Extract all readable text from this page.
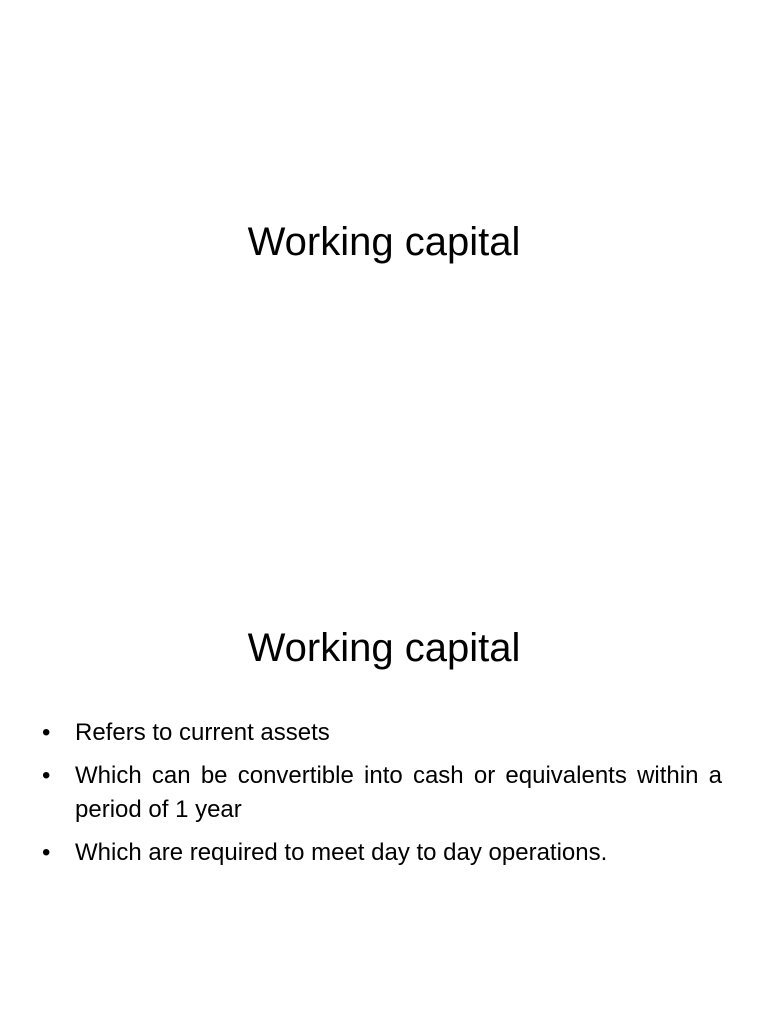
Working capital
Working capital
• Refers to current assets
• Which can be convertible into cash or equivalents within a period of 1 year
• Which are required to meet day to day operations.
